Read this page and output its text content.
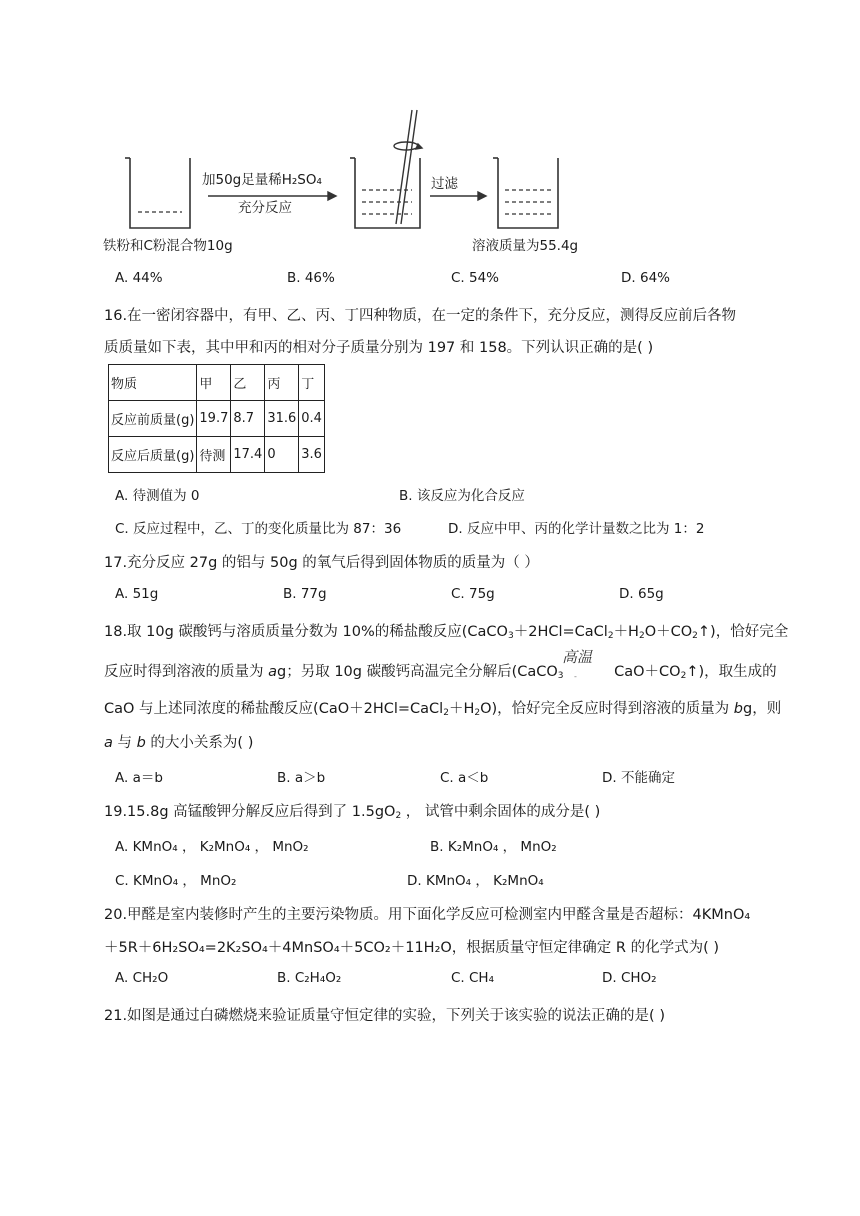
加50g足量稀H₂SO₄
充分反应
过滤
铁粉和C粉混合物10g	溶液质量为55.4g
A. 44%	B. 46%	C. 54%	D. 64%
16.在一密闭容器中，有甲、乙、丙、丁四种物质，在一定的条件下，充分反应，测得反应前后各物
质质量如下表，其中甲和丙的相对分子质量分别为 197 和 158。下列认识正确的是( )
物质	甲	乙	丙	丁
反应前质量(g)	19.7	8.7	31.6	0.4
反应后质量(g)	待测	17.4	0	3.6
A. 待测值为 0	B. 该反应为化合反应
C. 反应过程中，乙、丁的变化质量比为 87：36	D. 反应中甲、丙的化学计量数之比为 1：2
17.充分反应 27g 的铝与 50g 的氧气后得到固体物质的质量为（ ）
A. 51g	B. 77g	C. 75g	D. 65g
18.取 10g 碳酸钙与溶质质量分数为 10%的稀盐酸反应$(CaCO_3+2HCl=CaCl_2+H_2O+CO_2↑)$，恰好完全
反应时得到溶液的质量为 ag；另取 10g 碳酸钙高温完全分解后(CaCO$_3$	$CaO+CO_2↑$)，取生成的
高温
-
CaO 与上述同浓度的稀盐酸反应$(CaO+2HCl=CaCl_2+H_2O)$，恰好完全反应时得到溶液的质量为 bg，则
a 与 b 的大小关系为( )
A. a＝b	B. a＞b	C. a＜b	D. 不能确定
19.15.8g 高锰酸钾分解反应后得到了 $1.5gO_2$ ， 试管中剩余固体的成分是( )
A. KMnO₄ ， K₂MnO₄ ， MnO₂	B. K₂MnO₄ ， MnO₂
C. KMnO₄ ， MnO₂	D. KMnO₄ ， K₂MnO₄
20.甲醛是室内装修时产生的主要污染物质。用下面化学反应可检测室内甲醛含量是否超标：4KMnO₄
＋5R＋6H₂SO₄=2K₂SO₄＋4MnSO₄＋5CO₂＋11H₂O，根据质量守恒定律确定 R 的化学式为( )
A. CH₂O	B. C₂H₄O₂	C. CH₄	D. CHO₂
21.如图是通过白磷燃烧来验证质量守恒定律的实验，下列关于该实验的说法正确的是( )
